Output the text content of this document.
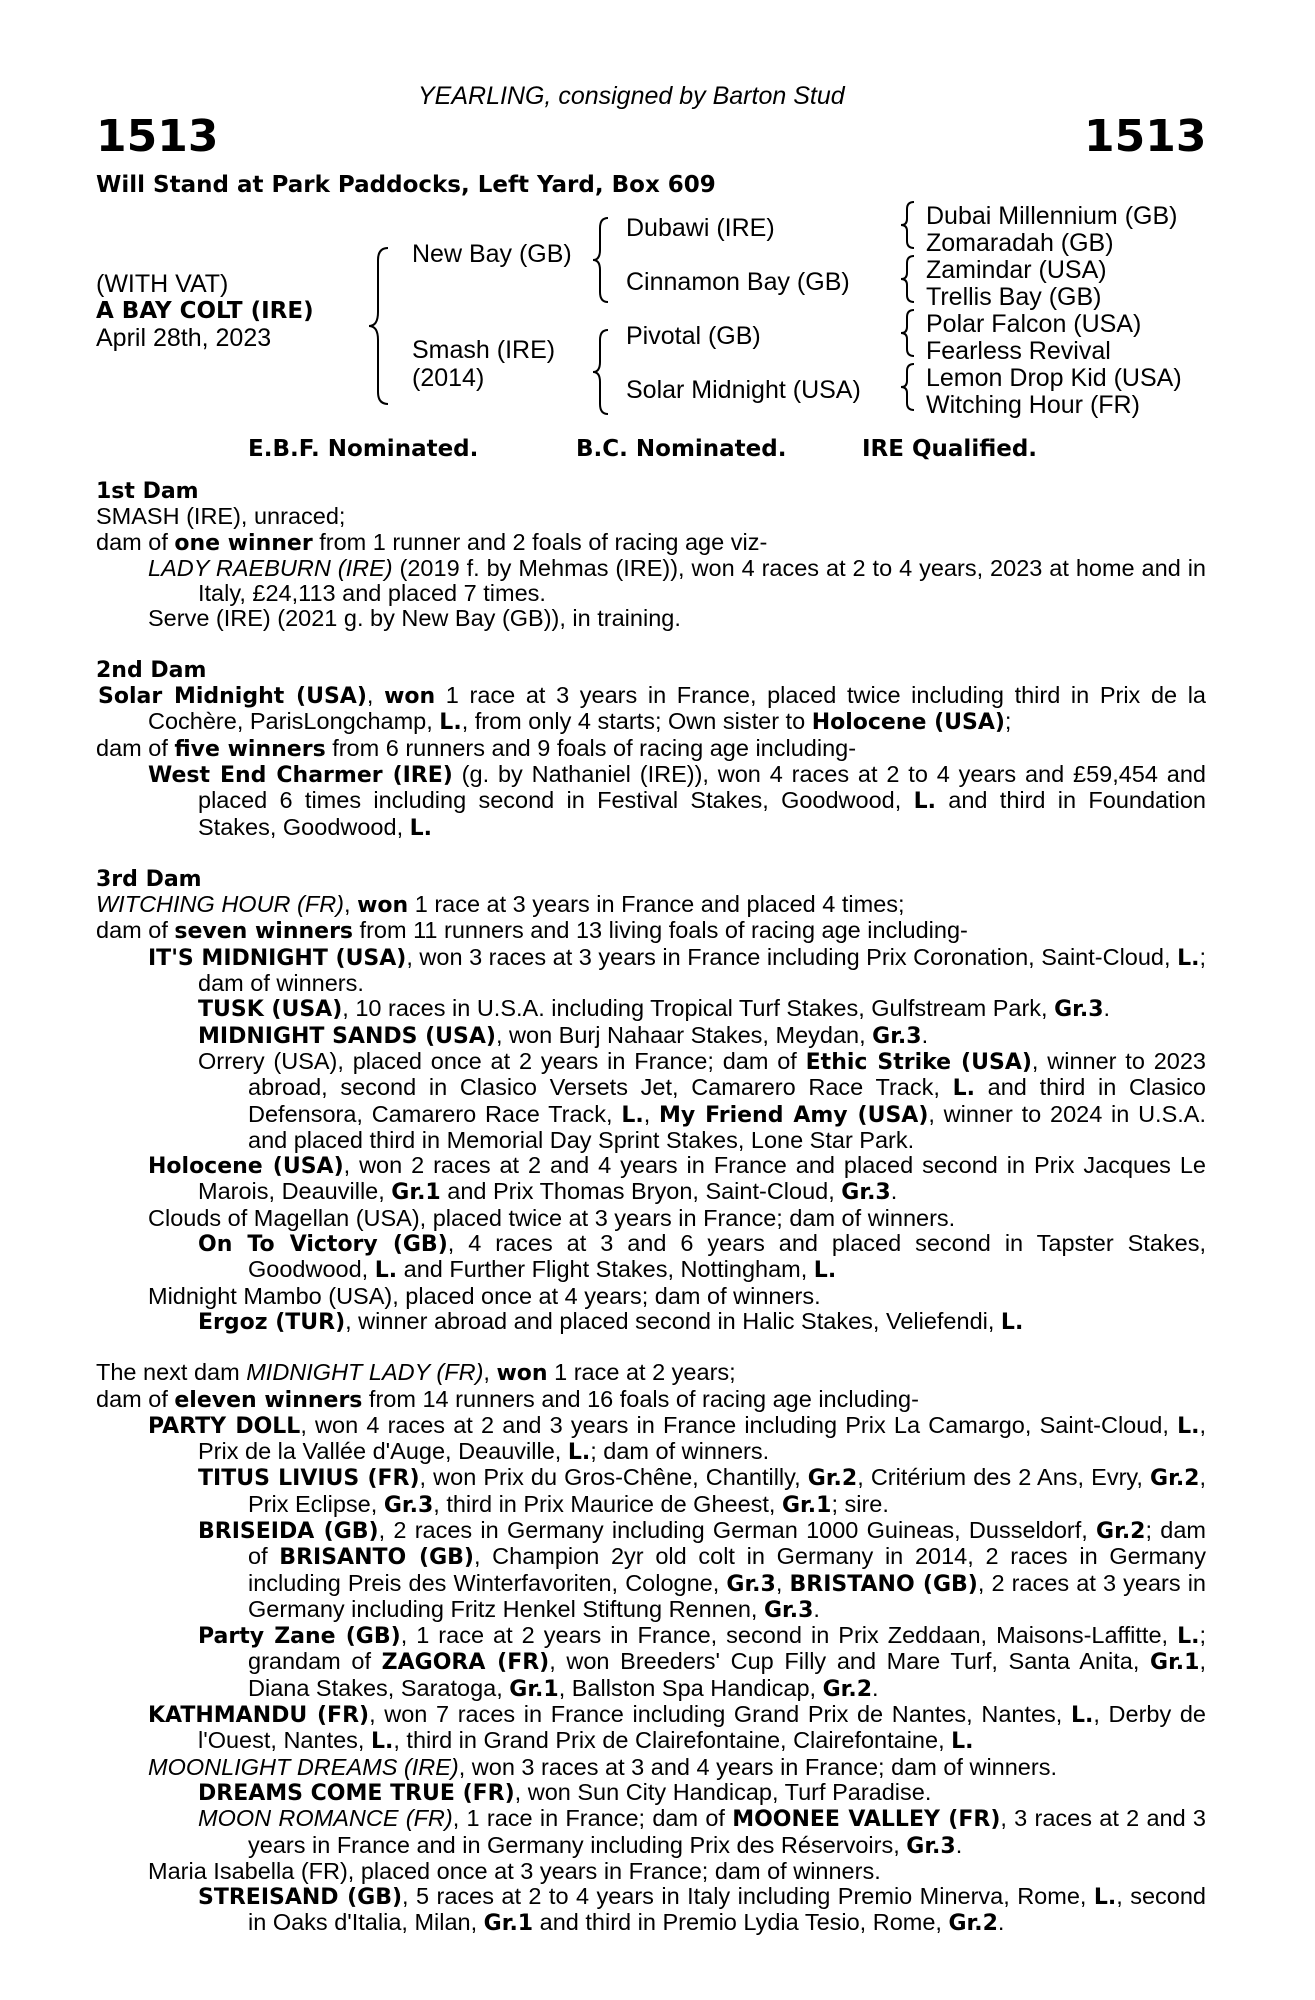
YEARLING, consigned by Barton Stud
1513	1513
Will Stand at Park Paddocks, Left Yard, Box 609
(WITH VAT)
A BAY COLT (IRE)
April 28th, 2023
New Bay (GB)
Smash (IRE)
(2014)
Dubawi (IRE)
Cinnamon Bay (GB)
Pivotal (GB)
Solar Midnight (USA)
Dubai Millennium (GB)
Zomaradah (GB)
Zamindar (USA)
Trellis Bay (GB)
Polar Falcon (USA)
Fearless Revival
Lemon Drop Kid (USA)
Witching Hour (FR)
E.B.F. Nominated.	B.C. Nominated.	IRE Qualified.

1st Dam

SMASH (IRE), unraced;

dam of one winner from 1 runner and 2 foals of racing age viz-

LADY RAEBURN (IRE) (2019 f. by Mehmas (IRE)), won 4 races at 2 to 4 years, 2023 at home and in Italy, £24,113 and placed 7 times.

Serve (IRE) (2021 g. by New Bay (GB)), in training.

2nd Dam

Solar Midnight (USA), won 1 race at 3 years in France, placed twice including third in Prix de la Cochère, ParisLongchamp, L., from only 4 starts; Own sister to Holocene (USA);

dam of five winners from 6 runners and 9 foals of racing age including-

West End Charmer (IRE) (g. by Nathaniel (IRE)), won 4 races at 2 to 4 years and £59,454 and placed 6 times including second in Festival Stakes, Goodwood, L. and third in Foundation Stakes, Goodwood, L.

3rd Dam

WITCHING HOUR (FR), won 1 race at 3 years in France and placed 4 times;

dam of seven winners from 11 runners and 13 living foals of racing age including-

IT'S MIDNIGHT (USA), won 3 races at 3 years in France including Prix Coronation, Saint-Cloud, L.; dam of winners.

TUSK (USA), 10 races in U.S.A. including Tropical Turf Stakes, Gulfstream Park, Gr.3.

MIDNIGHT SANDS (USA), won Burj Nahaar Stakes, Meydan, Gr.3.

Orrery (USA), placed once at 2 years in France; dam of Ethic Strike (USA), winner to 2023 abroad, second in Clasico Versets Jet, Camarero Race Track, L. and third in Clasico Defensora, Camarero Race Track, L., My Friend Amy (USA), winner to 2024 in U.S.A. and placed third in Memorial Day Sprint Stakes, Lone Star Park.

Holocene (USA), won 2 races at 2 and 4 years in France and placed second in Prix Jacques Le Marois, Deauville, Gr.1 and Prix Thomas Bryon, Saint-Cloud, Gr.3.

Clouds of Magellan (USA), placed twice at 3 years in France; dam of winners.

On To Victory (GB), 4 races at 3 and 6 years and placed second in Tapster Stakes, Goodwood, L. and Further Flight Stakes, Nottingham, L.

Midnight Mambo (USA), placed once at 4 years; dam of winners.

Ergoz (TUR), winner abroad and placed second in Halic Stakes, Veliefendi, L.

The next dam MIDNIGHT LADY (FR), won 1 race at 2 years;

dam of eleven winners from 14 runners and 16 foals of racing age including-

PARTY DOLL, won 4 races at 2 and 3 years in France including Prix La Camargo, Saint-Cloud, L., Prix de la Vallée d'Auge, Deauville, L.; dam of winners.

TITUS LIVIUS (FR), won Prix du Gros-Chêne, Chantilly, Gr.2, Critérium des 2 Ans, Evry, Gr.2, Prix Eclipse, Gr.3, third in Prix Maurice de Gheest, Gr.1; sire.

BRISEIDA (GB), 2 races in Germany including German 1000 Guineas, Dusseldorf, Gr.2; dam of BRISANTO (GB), Champion 2yr old colt in Germany in 2014, 2 races in Germany including Preis des Winterfavoriten, Cologne, Gr.3, BRISTANO (GB), 2 races at 3 years in Germany including Fritz Henkel Stiftung Rennen, Gr.3.

Party Zane (GB), 1 race at 2 years in France, second in Prix Zeddaan, Maisons-Laffitte, L.; grandam of ZAGORA (FR), won Breeders' Cup Filly and Mare Turf, Santa Anita, Gr.1, Diana Stakes, Saratoga, Gr.1, Ballston Spa Handicap, Gr.2.

KATHMANDU (FR), won 7 races in France including Grand Prix de Nantes, Nantes, L., Derby de l'Ouest, Nantes, L., third in Grand Prix de Clairefontaine, Clairefontaine, L.

MOONLIGHT DREAMS (IRE), won 3 races at 3 and 4 years in France; dam of winners.

DREAMS COME TRUE (FR), won Sun City Handicap, Turf Paradise.

MOON ROMANCE (FR), 1 race in France; dam of MOONEE VALLEY (FR), 3 races at 2 and 3 years in France and in Germany including Prix des Réservoirs, Gr.3.

Maria Isabella (FR), placed once at 3 years in France; dam of winners.

STREISAND (GB), 5 races at 2 to 4 years in Italy including Premio Minerva, Rome, L., second in Oaks d'Italia, Milan, Gr.1 and third in Premio Lydia Tesio, Rome, Gr.2.
